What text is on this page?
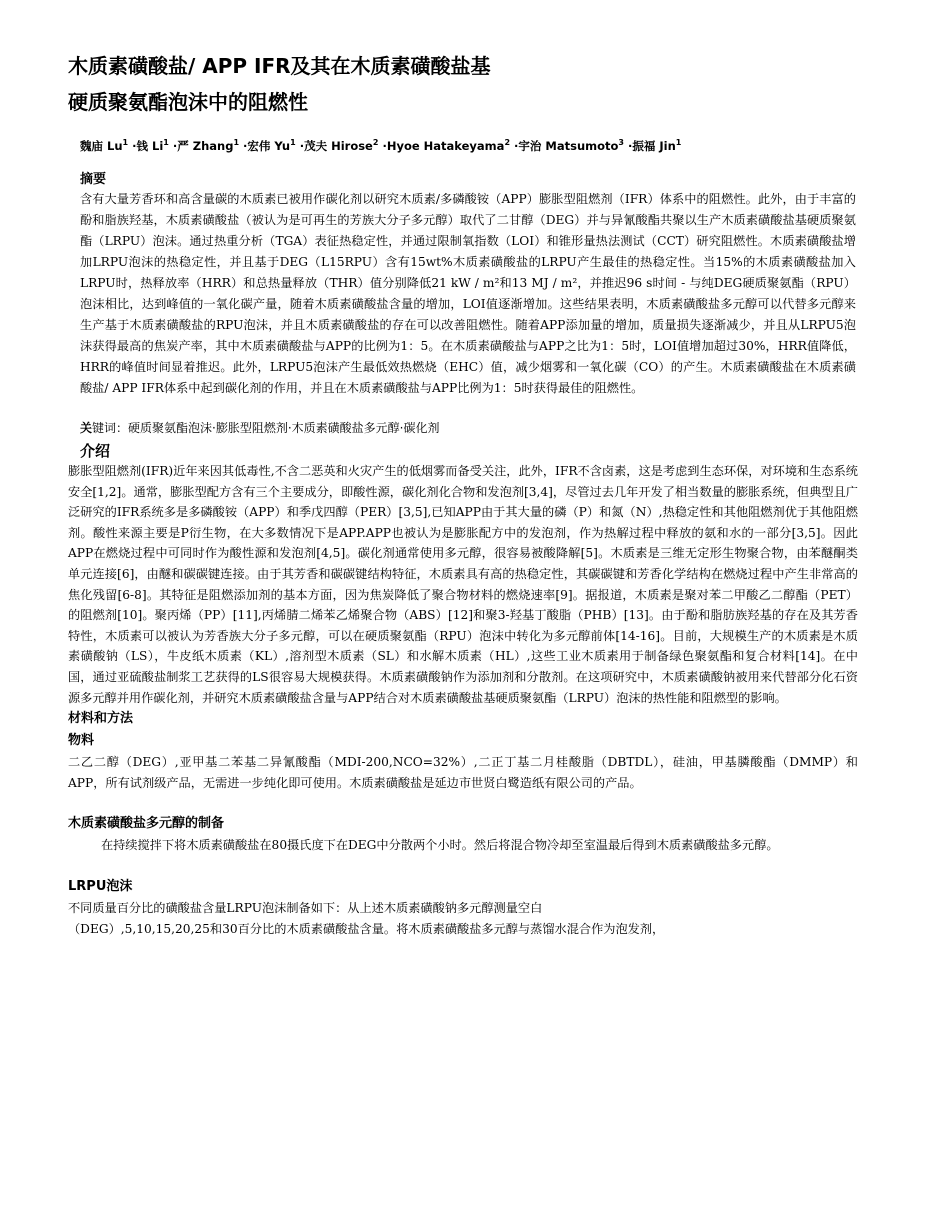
木质素磺酸盐/ APP IFR及其在木质素磺酸盐基
硬质聚氨酯泡沫中的阻燃性
魏庙 $Lu^1$ ·钱 $Li^1$ ·严 Zhang$^1$ ·宏伟 $Yu^1$ ·茂夫 Hirose$^2$ ·Hyoe Hatakeyama$^2$ ·宇治 Matsumoto$^3$ ·振福 Jin$^1$
摘要

含有大量芳香环和高含量碳的木质素已被用作碳化剂以研究木质素/多磷酸铵（APP）膨胀型阻燃剂（IFR）体系中的阻燃性。此外，由于丰富的酚和脂族羟基，木质素磺酸盐（被认为是可再生的芳族大分子多元醇）取代了二甘醇（DEG）并与异氰酸酯共聚以生产木质素磺酸盐基硬质聚氨酯（LRPU）泡沫。通过热重分析（TGA）表征热稳定性，并通过限制氧指数（LOI）和锥形量热法测试（CCT）研究阻燃性。木质素磺酸盐增加LRPU泡沫的热稳定性，并且基于DEG（L15RPU）含有15wt%木质素磺酸盐的LRPU产生最佳的热稳定性。当15%的木质素磺酸盐加入LRPU时，热释放率（HRR）和总热量释放（THR）值分别降低21 kW / m²和13 MJ / m²，并推迟96 s时间 - 与纯DEG硬质聚氨酯（RPU）泡沫相比，达到峰值的一氧化碳产量，随着木质素磺酸盐含量的增加，LOI值逐渐增加。这些结果表明，木质素磺酸盐多元醇可以代替多元醇来生产基于木质素磺酸盐的RPU泡沫，并且木质素磺酸盐的存在可以改善阻燃性。随着APP添加量的增加，质量损失逐渐减少，并且从LRPU5泡沫获得最高的焦炭产率，其中木质素磺酸盐与APP的比例为1：5。在木质素磺酸盐与APP之比为1：5时，LOI值增加超过30%，HRR值降低，HRR的峰值时间显着推迟。此外，LRPU5泡沫产生最低效热燃烧（EHC）值，减少烟雾和一氧化碳（CO）的产生。木质素磺酸盐在木质素磺酸盐/ APP IFR体系中起到碳化剂的作用，并且在木质素磺酸盐与APP比例为1：5时获得最佳的阻燃性。

关键词：硬质聚氨酯泡沫·膨胀型阻燃剂·木质素磺酸盐多元醇·碳化剂
介绍

膨胀型阻燃剂(IFR)近年来因其低毒性,不含二恶英和火灾产生的低烟雾而备受关注，此外，IFR不含卤素，这是考虑到生态环保，对环境和生态系统安全[1,2]。通常，膨胀型配方含有三个主要成分，即酸性源，碳化剂化合物和发泡剂[3,4]，尽管过去几年开发了相当数量的膨胀系统，但典型且广泛研究的IFR系统多是多磷酸铵（APP）和季戊四醇（PER）[3,5],已知APP由于其大量的磷（P）和氮（N）,热稳定性和其他阻燃剂优于其他阻燃剂。酸性来源主要是P衍生物，在大多数情况下是APP.APP也被认为是膨胀配方中的发泡剂，作为热解过程中释放的氨和水的一部分[3,5]。因此APP在燃烧过程中可同时作为酸性源和发泡剂[4,5]。碳化剂通常使用多元醇，很容易被酸降解[5]。木质素是三维无定形生物聚合物，由苯醚酮类单元连接[6]，由醚和碳碳键连接。由于其芳香和碳碳键结构特征，木质素具有高的热稳定性，其碳碳键和芳香化学结构在燃烧过程中产生非常高的焦化残留[6-8]。其特征是阻燃添加剂的基本方面，因为焦炭降低了聚合物材料的燃烧速率[9]。据报道，木质素是聚对苯二甲酸乙二醇酯（PET）的阻燃剂[10]。聚丙烯（PP）[11],丙烯腈二烯苯乙烯聚合物（ABS）[12]和聚3-羟基丁酸脂（PHB）[13]。由于酚和脂肪族羟基的存在及其芳香特性，木质素可以被认为芳香族大分子多元醇，可以在硬质聚氨酯（RPU）泡沫中转化为多元醇前体[14-16]。目前，大规模生产的木质素是木质素磺酸钠（LS），牛皮纸木质素（KL）,溶剂型木质素（SL）和水解木质素（HL）,这些工业木质素用于制备绿色聚氨酯和复合材料[14]。在中国，通过亚硫酸盐制浆工艺获得的LS很容易大规模获得。木质素磺酸钠作为添加剂和分散剂。在这项研究中，木质素磺酸钠被用来代替部分化石资源多元醇并用作碳化剂，并研究木质素磺酸盐含量与APP结合对木质素磺酸盐基硬质聚氨酯（LRPU）泡沫的热性能和阻燃型的影响。

材料和方法
物料

二乙二醇（DEG）,亚甲基二苯基二异氰酸酯（MDI-200,NCO=32%）,二正丁基二月桂酸脂（DBTDL），硅油，甲基膦酸酯（DMMP）和APP，所有试剂级产品，无需进一步纯化即可使用。木质素磺酸盐是延边市世贤白鹭造纸有限公司的产品。

木质素磺酸盐多元醇的制备

在持续搅拌下将木质素磺酸盐在80摄氏度下在DEG中分散两个小时。然后将混合物冷却至室温最后得到木质素磺酸盐多元醇。

LRPU泡沫

不同质量百分比的磺酸盐含量LRPU泡沫制备如下：从上述木质素磺酸钠多元醇测量空白
（DEG）,5,10,15,20,25和30百分比的木质素磺酸盐含量。将木质素磺酸盐多元醇与蒸馏水混合作为泡发剂，
